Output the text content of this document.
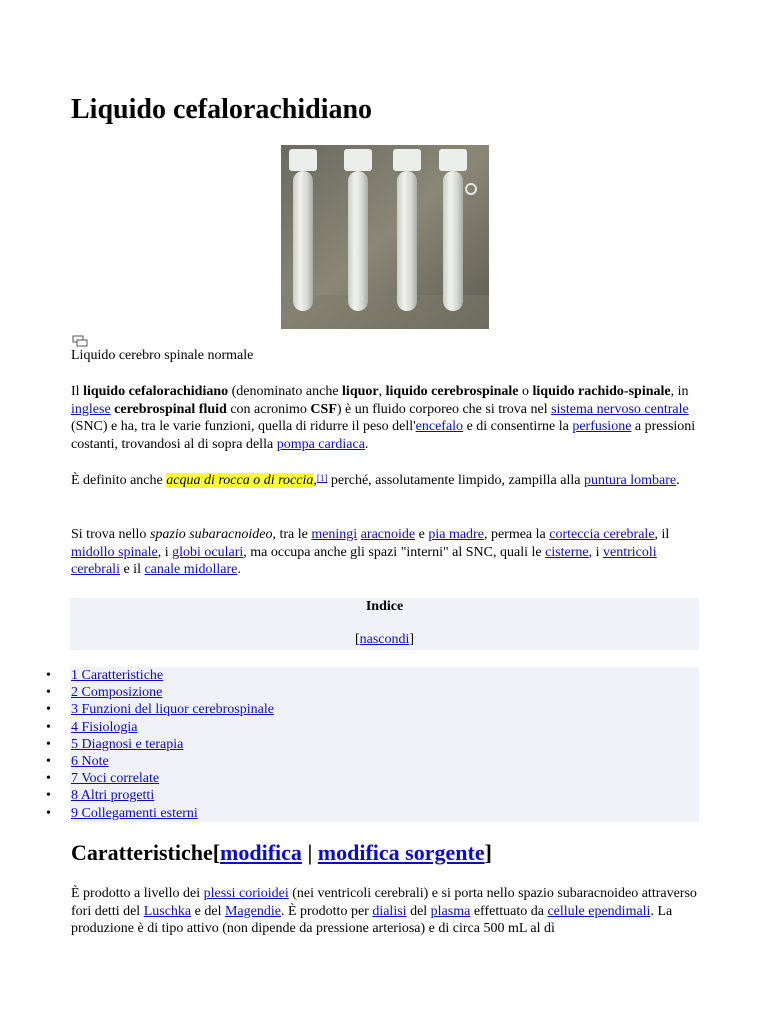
Liquido cefalorachidiano
Liquido cerebro spinale normale

Il liquido cefalorachidiano (denominato anche liquor, liquido cerebrospinale o liquido rachido-spinale, in inglese cerebrospinal fluid con acronimo CSF) è un fluido corporeo che si trova nel sistema nervoso centrale (SNC) e ha, tra le varie funzioni, quella di ridurre il peso dell'encefalo e di consentirne la perfusione a pressioni costanti, trovandosi al di sopra della pompa cardiaca.

È definito anche acqua di rocca o di roccia,[1] perché, assolutamente limpido, zampilla alla puntura lombare.

Si trova nello spazio subaracnoideo, tra le meningi aracnoide e pia madre, permea la corteccia cerebrale, il midollo spinale, i globi oculari, ma occupa anche gli spazi "interni" al SNC, quali le cisterne, i ventricoli cerebrali e il canale midollare.

Indice
[nascondi]
• 1 Caratteristiche
• 2 Composizione
• 3 Funzioni del liquor cerebrospinale
• 4 Fisiologia
• 5 Diagnosi e terapia
• 6 Note
• 7 Voci correlate
• 8 Altri progetti
• 9 Collegamenti esterni
Caratteristiche[modifica | modifica sorgente]

È prodotto a livello dei plessi corioidei (nei ventricoli cerebrali) e si porta nello spazio subaracnoideo attraverso fori detti del Luschka e del Magendie. È prodotto per dialisi del plasma effettuato da cellule ependimali. La produzione è di tipo attivo (non dipende da pressione arteriosa) e di circa 500 mL al dì
